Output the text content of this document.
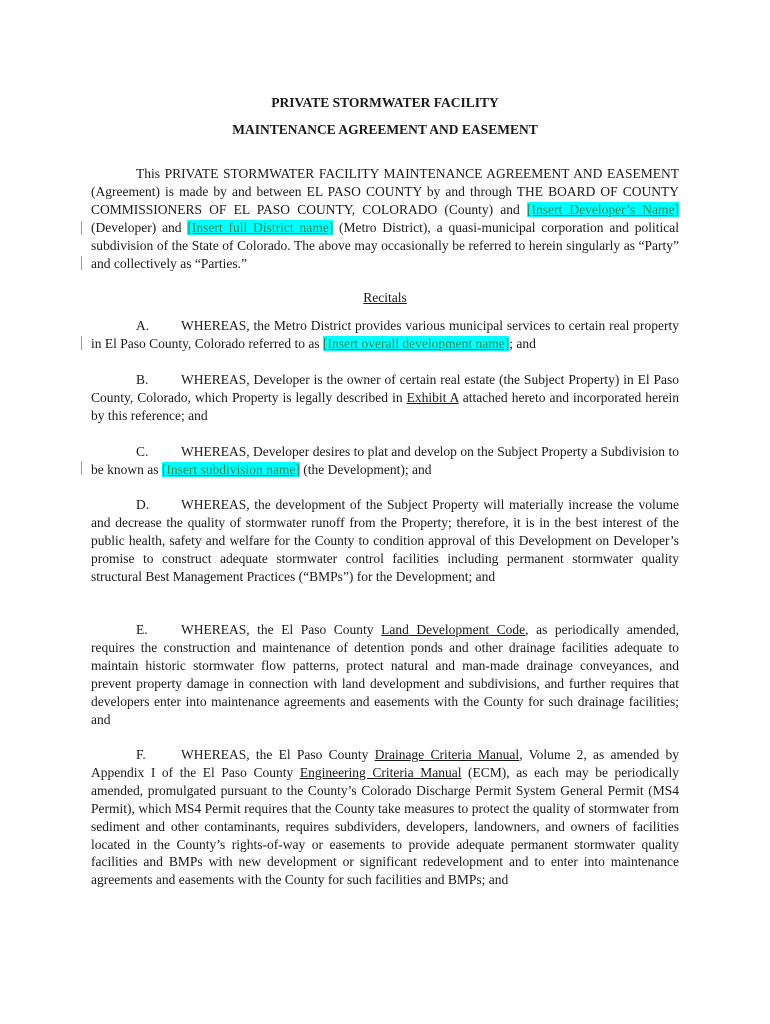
PRIVATE STORMWATER FACILITY
MAINTENANCE AGREEMENT AND EASEMENT

This PRIVATE STORMWATER FACILITY MAINTENANCE AGREEMENT AND EASEMENT (Agreement) is made by and between EL PASO COUNTY by and through THE BOARD OF COUNTY COMMISSIONERS OF EL PASO COUNTY, COLORADO (County) and [Insert Developer’s Name] (Developer) and [Insert full District name] (Metro District), a quasi-municipal corporation and political subdivision of the State of Colorado. The above may occasionally be referred to herein singularly as “Party” and collectively as “Parties.”

Recitals

A. WHEREAS, the Metro District provides various municipal services to certain real property in El Paso County, Colorado referred to as [Insert overall development name]; and

B. WHEREAS, Developer is the owner of certain real estate (the Subject Property) in El Paso County, Colorado, which Property is legally described in Exhibit A attached hereto and incorporated herein by this reference; and

C. WHEREAS, Developer desires to plat and develop on the Subject Property a Subdivision to be known as [Insert subdivision name] (the Development); and

D. WHEREAS, the development of the Subject Property will materially increase the volume and decrease the quality of stormwater runoff from the Property; therefore, it is in the best interest of the public health, safety and welfare for the County to condition approval of this Development on Developer’s promise to construct adequate stormwater control facilities including permanent stormwater quality structural Best Management Practices (“BMPs”) for the Development; and

E. WHEREAS, the El Paso County Land Development Code, as periodically amended, requires the construction and maintenance of detention ponds and other drainage facilities adequate to maintain historic stormwater flow patterns, protect natural and man-made drainage conveyances, and prevent property damage in connection with land development and subdivisions, and further requires that developers enter into maintenance agreements and easements with the County for such drainage facilities; and

F.	WHEREAS, the El Paso County Drainage Criteria Manual, Volume 2, as amended by Appendix I of the El Paso County Engineering Criteria Manual (ECM), as each may be periodically amended, promulgated pursuant to the County’s Colorado Discharge Permit System General Permit (MS4 Permit), which MS4 Permit requires that the County take measures to protect the quality of stormwater from sediment and other contaminants, requires subdividers, developers, landowners, and owners of facilities located in the County’s rights-of-way or easements to provide adequate permanent stormwater quality facilities and BMPs with new development or significant redevelopment and to enter into maintenance agreements and easements with the County for such facilities and BMPs; and
